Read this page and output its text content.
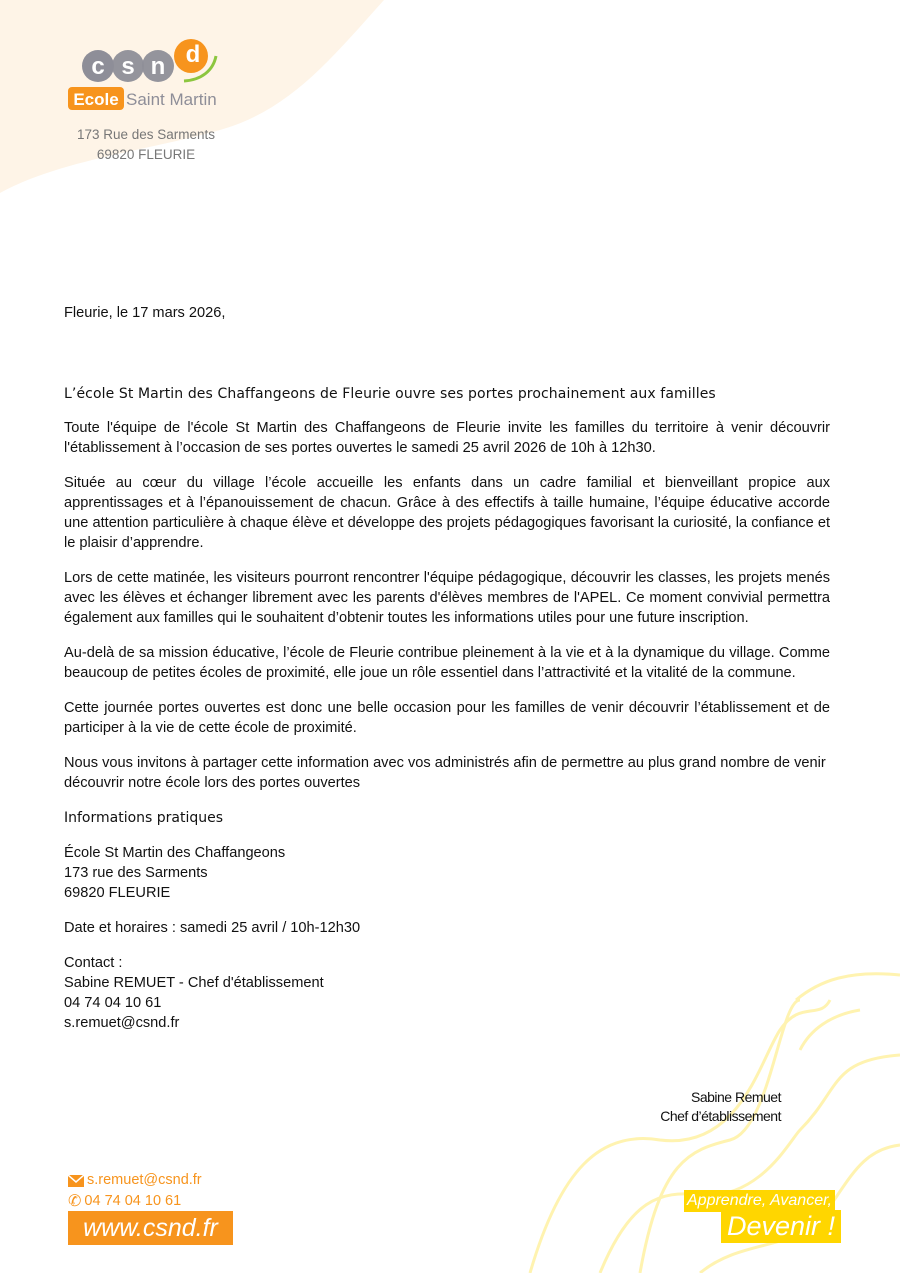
c s n d
Ecole Saint Martin
173 Rue des Sarments
69820 FLEURIE

Fleurie, le 17 mars 2026,

L’école St Martin des Chaffangeons de Fleurie ouvre ses portes prochainement aux familles

Toute l'équipe de l'école St Martin des Chaffangeons de Fleurie invite les familles du territoire à venir découvrir l'établissement à l’occasion de ses portes ouvertes le samedi 25 avril 2026 de 10h à 12h30.

Située au cœur du village l’école accueille les enfants dans un cadre familial et bienveillant propice aux apprentissages et à l’épanouissement de chacun. Grâce à des effectifs à taille humaine, l’équipe éducative accorde une attention particulière à chaque élève et développe des projets pédagogiques favorisant la curiosité, la confiance et le plaisir d’apprendre.

Lors de cette matinée, les visiteurs pourront rencontrer l'équipe pédagogique, découvrir les classes, les projets menés avec les élèves et échanger librement avec les parents d'élèves membres de l'APEL. Ce moment convivial permettra également aux familles qui le souhaitent d’obtenir toutes les informations utiles pour une future inscription.

Au-delà de sa mission éducative, l’école de Fleurie contribue pleinement à la vie et à la dynamique du village. Comme beaucoup de petites écoles de proximité, elle joue un rôle essentiel dans l’attractivité et la vitalité de la commune.

Cette journée portes ouvertes est donc une belle occasion pour les familles de venir découvrir l’établissement et de participer à la vie de cette école de proximité.

Nous vous invitons à partager cette information avec vos administrés afin de permettre au plus grand nombre de venir découvrir notre école lors des portes ouvertes

Informations pratiques

École St Martin des Chaffangeons
173 rue des Sarments
69820 FLEURIE

Date et horaires : samedi 25 avril / 10h-12h30

Contact :
Sabine REMUET - Chef d'établissement
04 74 04 10 61
s.remuet@csnd.fr

Sabine Remuet
Chef d’établissement
s.remuet@csnd.fr
✆ 04 74 04 10 61
www.csnd.fr
Apprendre, Avancer,
Devenir !
